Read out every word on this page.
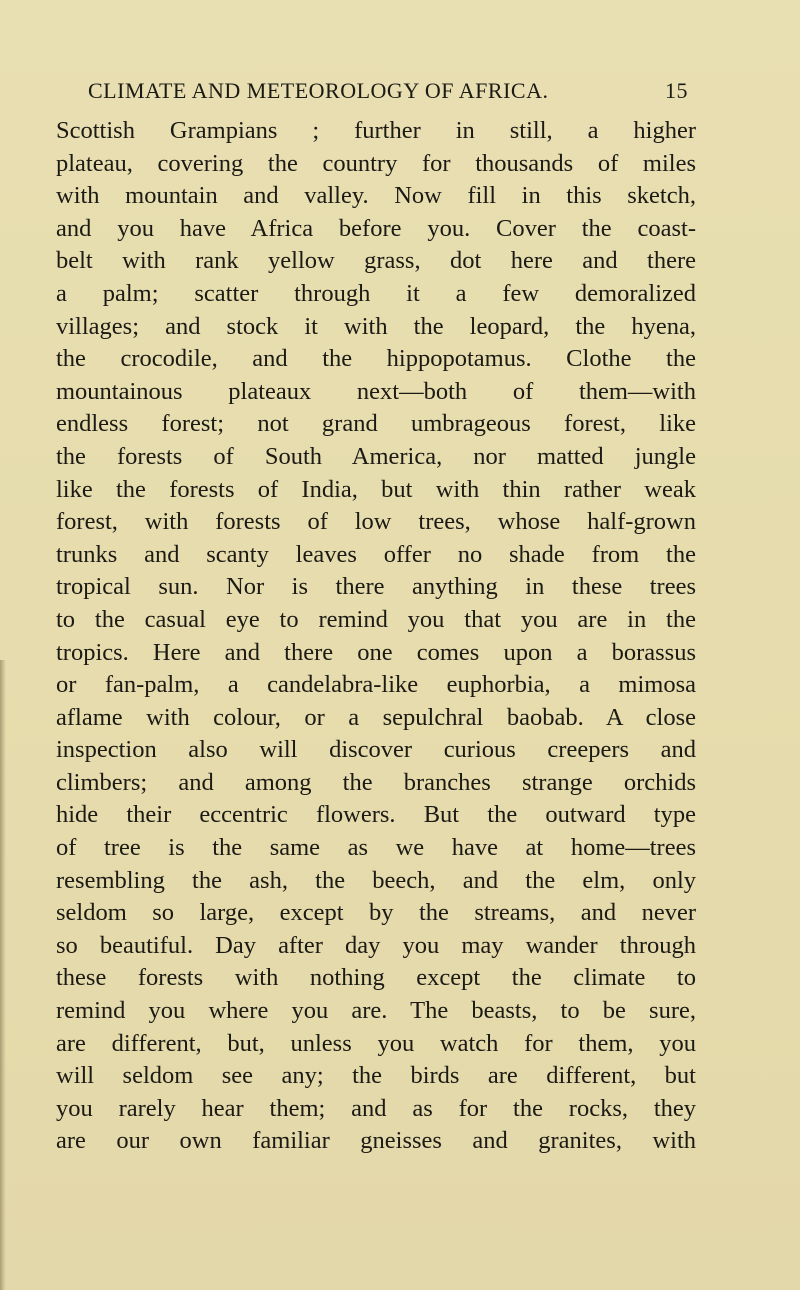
CLIMATE AND METEOROLOGY OF AFRICA.	15
Scottish Grampians ; further in still, a higher
plateau, covering the country for thousands of miles
with mountain and valley. Now fill in this sketch,
and you have Africa before you. Cover the coast-
belt with rank yellow grass, dot here and there
a palm; scatter through it a few demoralized
villages; and stock it with the leopard, the hyena,
the crocodile, and the hippopotamus. Clothe the
mountainous plateaux next—both of them—with
endless forest; not grand umbrageous forest, like
the forests of South America, nor matted jungle
like the forests of India, but with thin rather weak
forest, with forests of low trees, whose half-grown
trunks and scanty leaves offer no shade from the
tropical sun. Nor is there anything in these trees
to the casual eye to remind you that you are in the
tropics. Here and there one comes upon a borassus
or fan-palm, a candelabra-like euphorbia, a mimosa
aflame with colour, or a sepulchral baobab. A close
inspection also will discover curious creepers and
climbers; and among the branches strange orchids
hide their eccentric flowers. But the outward type
of tree is the same as we have at home—trees
resembling the ash, the beech, and the elm, only
seldom so large, except by the streams, and never
so beautiful. Day after day you may wander through
these forests with nothing except the climate to
remind you where you are. The beasts, to be sure,
are different, but, unless you watch for them, you
will seldom see any; the birds are different, but
you rarely hear them; and as for the rocks, they
are our own familiar gneisses and granites, with
